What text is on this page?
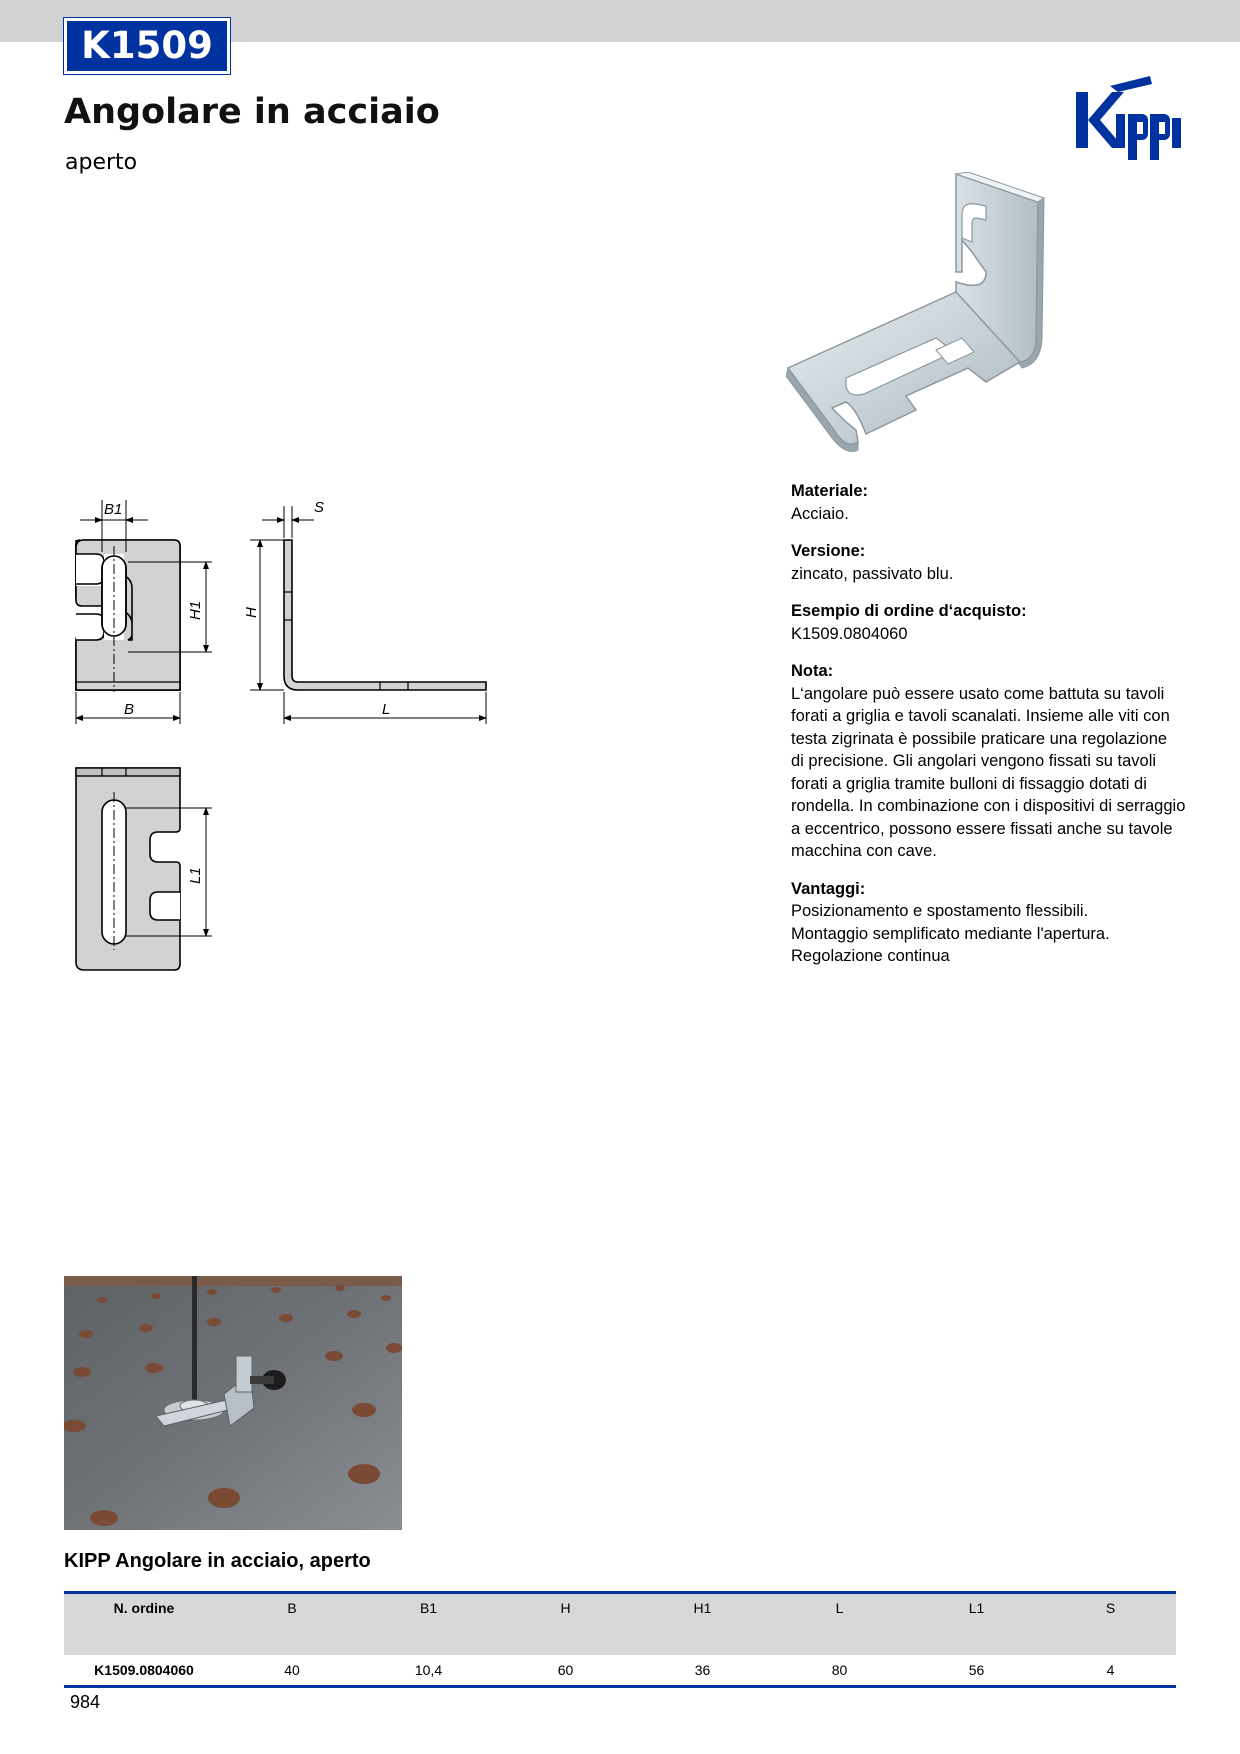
K1509
Angolare in acciaio
aperto
B1
H1
B
S
H
L
L1
Materiale:
Acciaio.
Versione:
zincato, passivato blu.
Esempio di ordine d‘acquisto:
K1509.0804060
Nota:
L‘angolare può essere usato come battuta su tavoli
forati a griglia e tavoli scanalati. Insieme alle viti con
testa zigrinata è possibile praticare una regolazione
di precisione. Gli angolari vengono fissati su tavoli
forati a griglia tramite bulloni di fissaggio dotati di
rondella. In combinazione con i dispositivi di serraggio
a eccentrico, possono essere fissati anche su tavole
macchina con cave.
Vantaggi:
Posizionamento e spostamento flessibili.
Montaggio semplificato mediante l'apertura.
Regolazione continua
KIPP Angolare in acciaio, aperto
N. ordine	B	B1	H	H1	L	L1	S
K1509.0804060	40	10,4	60	36	80	56	4
984
